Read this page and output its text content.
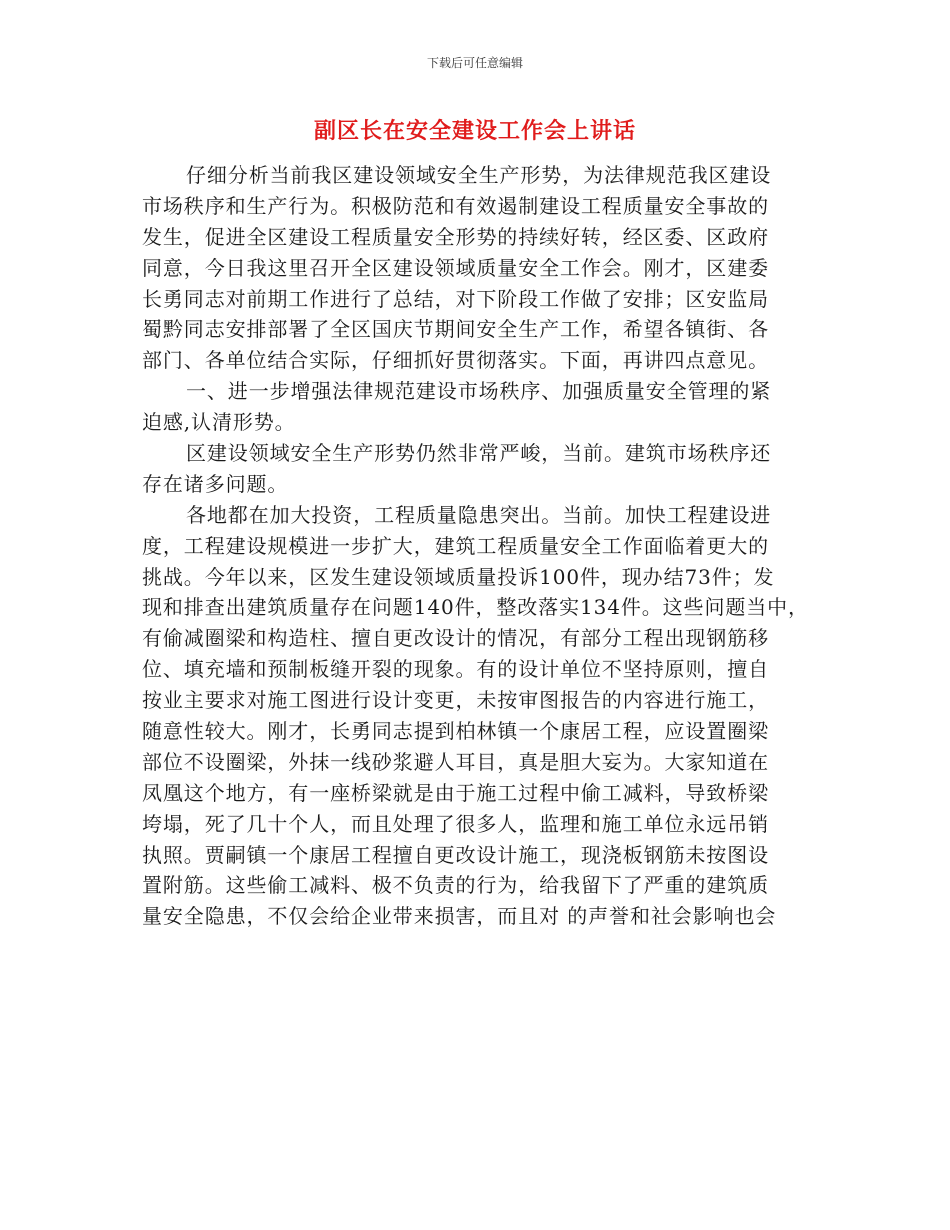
下载后可任意编辑
副区长在安全建设工作会上讲话
仔细分析当前我区建设领域安全生产形势，为法律规范我区建设
市场秩序和生产行为。积极防范和有效遏制建设工程质量安全事故的
发生，促进全区建设工程质量安全形势的持续好转，经区委、区政府
同意，今日我这里召开全区建设领域质量安全工作会。刚才，区建委
长勇同志对前期工作进行了总结，对下阶段工作做了安排；区安监局
蜀黔同志安排部署了全区国庆节期间安全生产工作，希望各镇街、各
部门、各单位结合实际，仔细抓好贯彻落实。下面，再讲四点意见。
一、进一步增强法律规范建设市场秩序、加强质量安全管理的紧
迫感,认清形势。
区建设领域安全生产形势仍然非常严峻，当前。建筑市场秩序还
存在诸多问题。
各地都在加大投资，工程质量隐患突出。当前。加快工程建设进
度，工程建设规模进一步扩大，建筑工程质量安全工作面临着更大的
挑战。今年以来，区发生建设领域质量投诉100件，现办结73件；发
现和排查出建筑质量存在问题140件，整改落实134件。这些问题当中，
有偷减圈梁和构造柱、擅自更改设计的情况，有部分工程出现钢筋移
位、填充墙和预制板缝开裂的现象。有的设计单位不坚持原则，擅自
按业主要求对施工图进行设计变更，未按审图报告的内容进行施工，
随意性较大。刚才，长勇同志提到柏林镇一个康居工程，应设置圈梁
部位不设圈梁，外抹一线砂浆避人耳目，真是胆大妄为。大家知道在
凤凰这个地方，有一座桥梁就是由于施工过程中偷工减料，导致桥梁
垮塌，死了几十个人，而且处理了很多人，监理和施工单位永远吊销
执照。贾嗣镇一个康居工程擅自更改设计施工，现浇板钢筋未按图设
置附筋。这些偷工减料、极不负责的行为，给我留下了严重的建筑质
量安全隐患，不仅会给企业带来损害，而且对 的声誉和社会影响也会
